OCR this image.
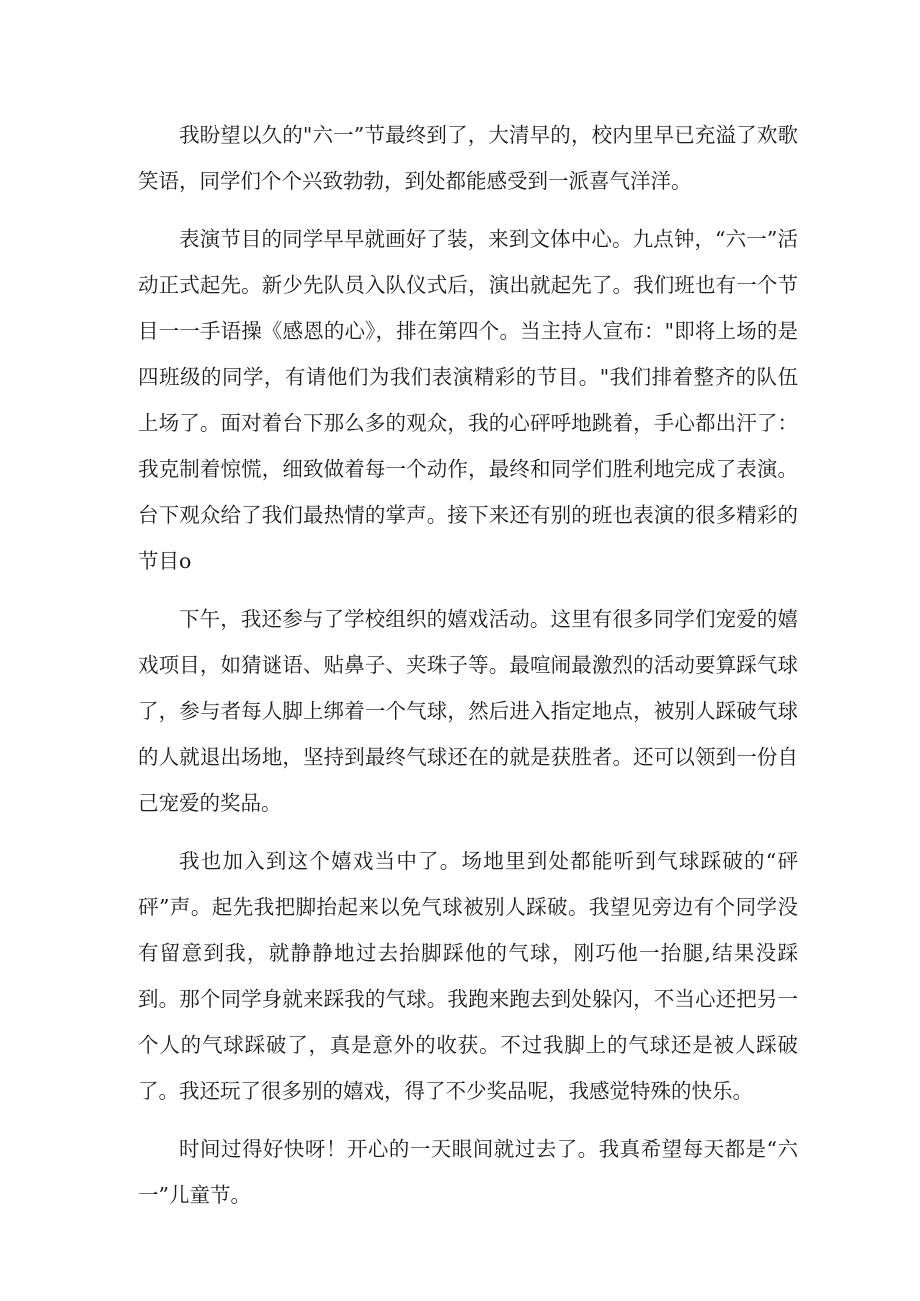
我盼望以久的"六一”节最终到了，大清早的，校内里早已充溢了欢歌笑语，同学们个个兴致勃勃，到处都能感受到一派喜气洋洋。

表演节目的同学早早就画好了装，来到文体中心。九点钟，“六一”活动正式起先。新少先队员入队仪式后，演出就起先了。我们班也有一个节目一一手语操《感恩的心》，排在第四个。当主持人宣布："即将上场的是四班级的同学，有请他们为我们表演精彩的节目。"我们排着整齐的队伍上场了。面对着台下那么多的观众，我的心砰呼地跳着，手心都出汗了：我克制着惊慌，细致做着每一个动作，最终和同学们胜利地完成了表演。台下观众给了我们最热情的掌声。接下来还有别的班也表演的很多精彩的节目o

下午，我还参与了学校组织的嬉戏活动。这里有很多同学们宠爱的嬉戏项目，如猜谜语、贴鼻子、夹珠子等。最喧闹最激烈的活动要算踩气球了，参与者每人脚上绑着一个气球，然后进入指定地点，被别人踩破气球的人就退出场地，坚持到最终气球还在的就是获胜者。还可以领到一份自己宠爱的奖品。

我也加入到这个嬉戏当中了。场地里到处都能听到气球踩破的“砰砰”声。起先我把脚抬起来以免气球被别人踩破。我望见旁边有个同学没有留意到我，就静静地过去抬脚踩他的气球，刚巧他一抬腿,结果没踩到。那个同学身就来踩我的气球。我跑来跑去到处躲闪，不当心还把另一个人的气球踩破了，真是意外的收获。不过我脚上的气球还是被人踩破了。我还玩了很多别的嬉戏，得了不少奖品呢，我感觉特殊的快乐。

时间过得好快呀！开心的一天眼间就过去了。我真希望每天都是“六一”儿童节。
